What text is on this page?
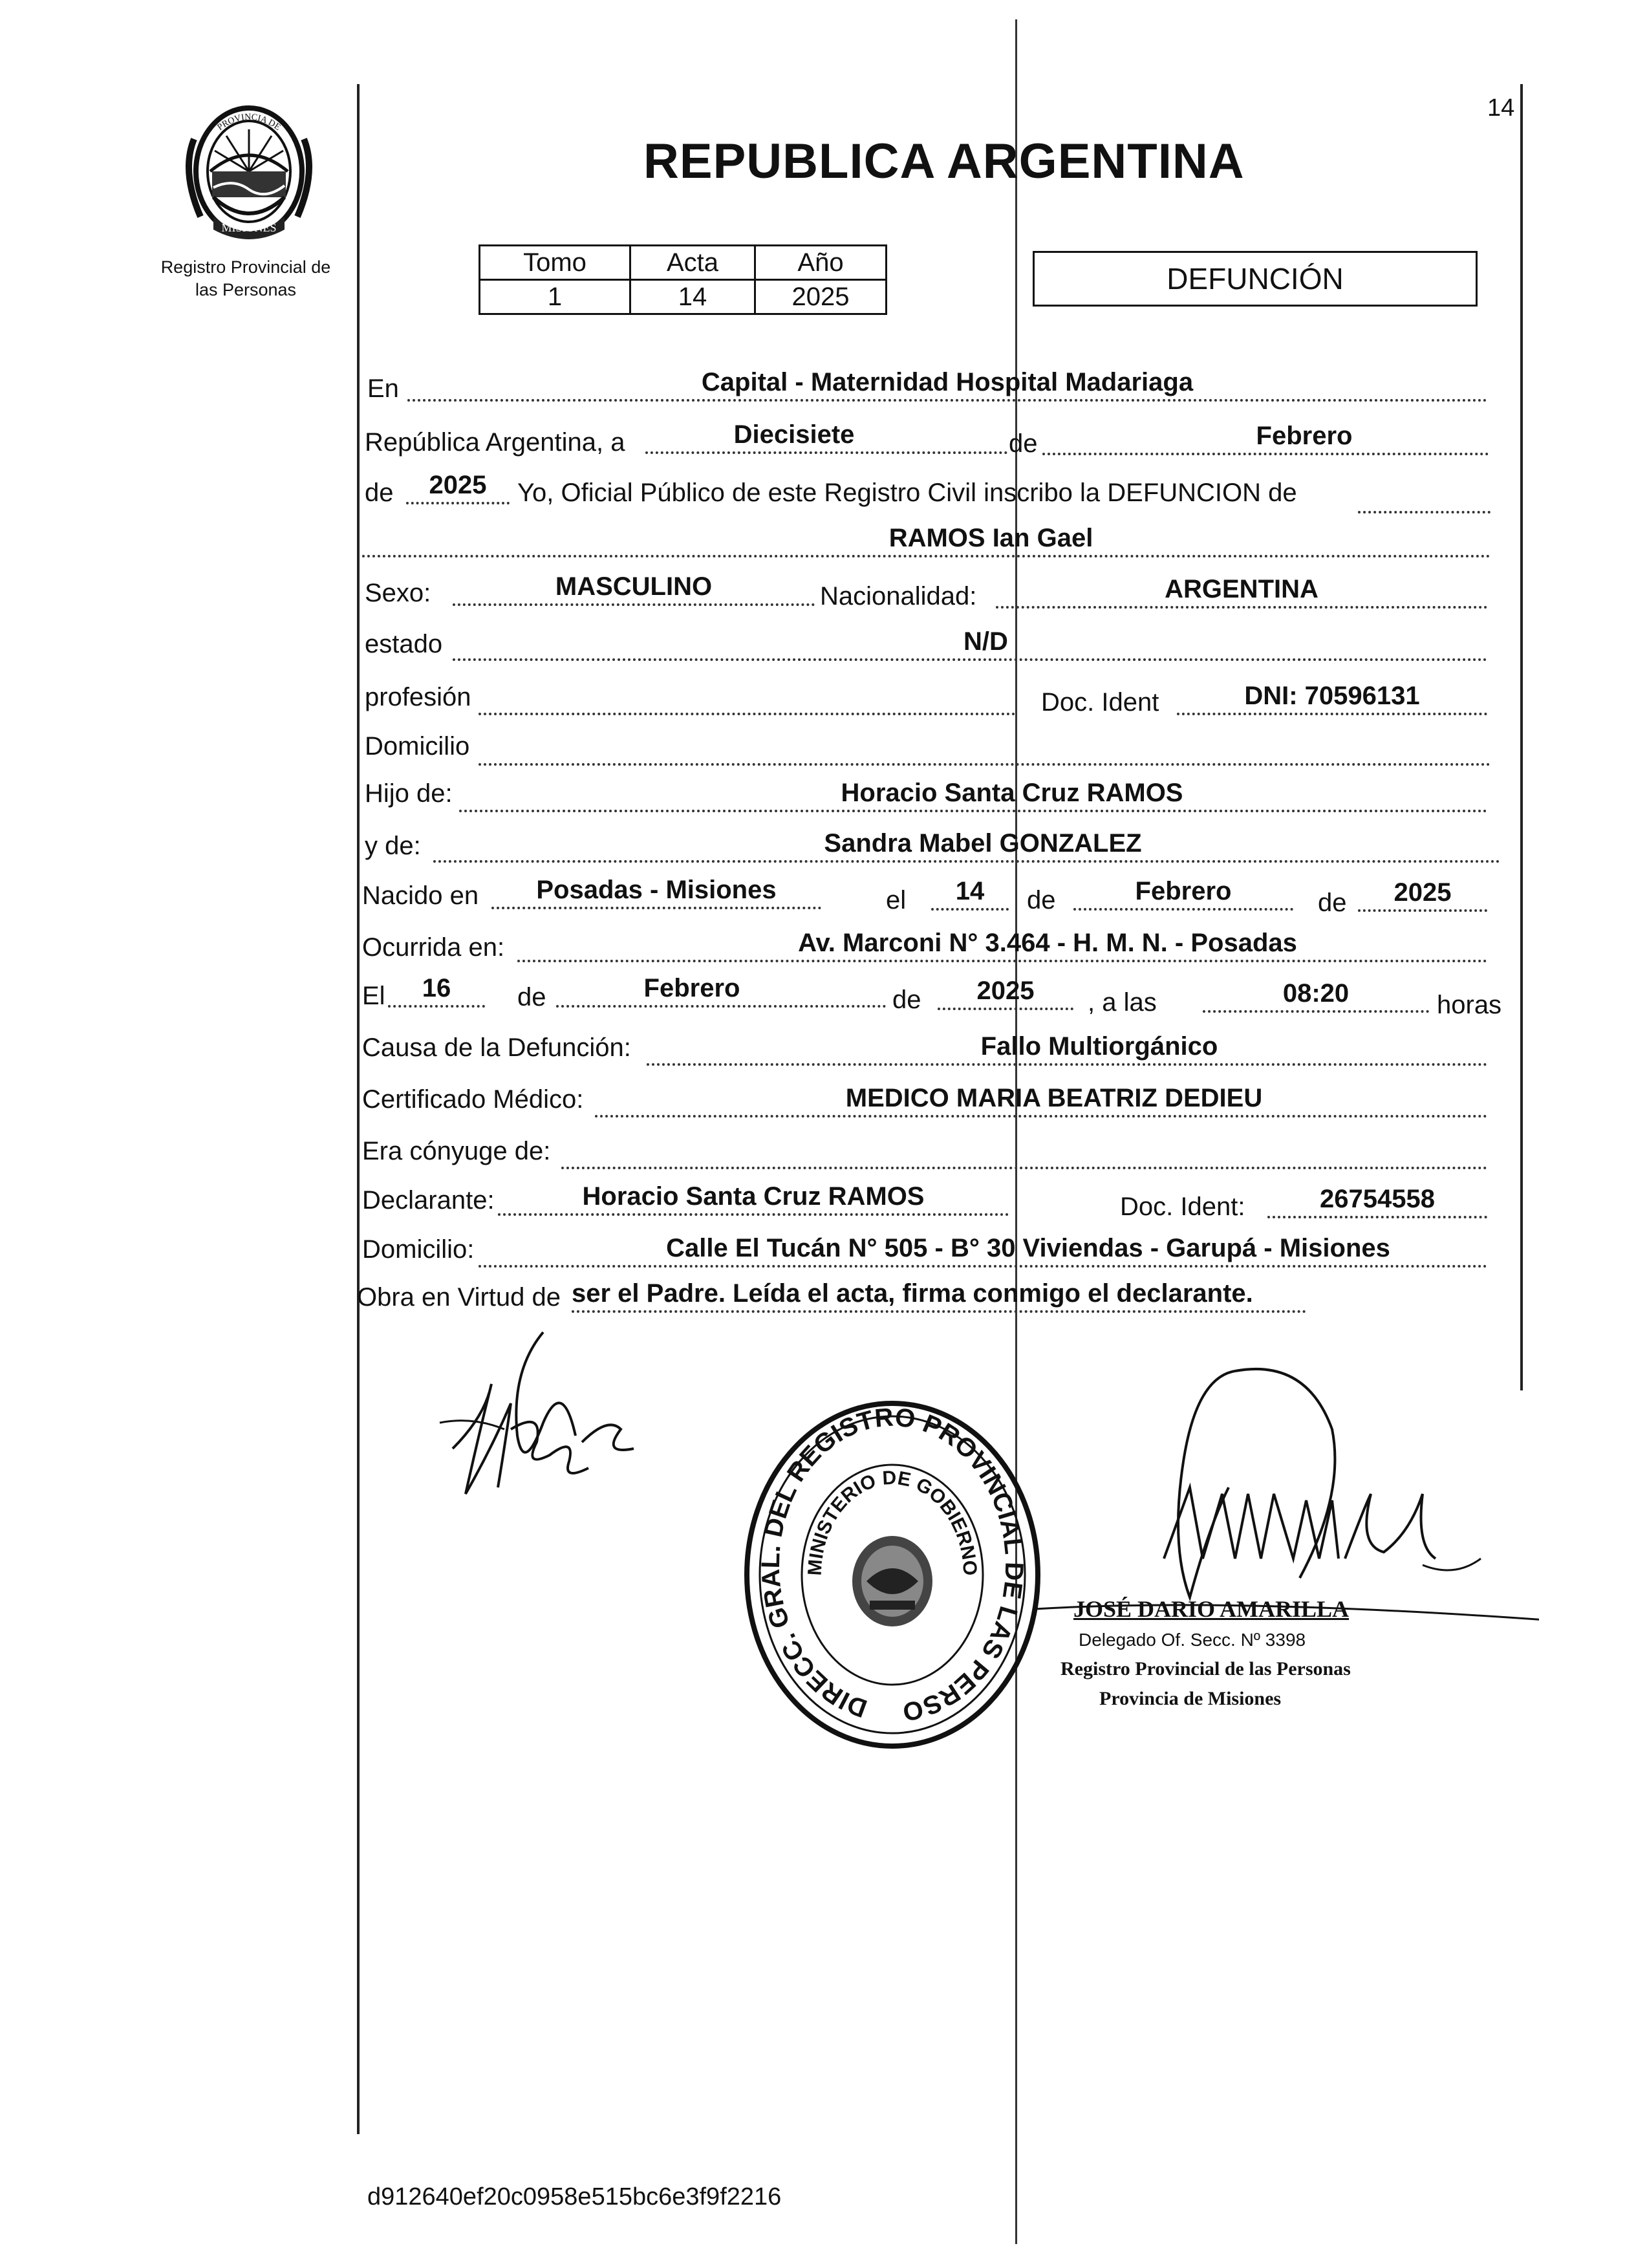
14
MISIONES
PROVINCIA DE
Registro Provincial de
las Personas
REPUBLICA ARGENTINA
Tomo	Acta	Año
1	14	2025
DEFUNCIÓN
En	Capital - Maternidad Hospital Madariaga
República Argentina, a	Diecisiete	de	Febrero
de	2025	Yo, Oficial Público de este Registro Civil inscribo la DEFUNCION de
RAMOS Ian Gael
Sexo:	MASCULINO	Nacionalidad:	ARGENTINA
estado	N/D
profesión	Doc. Ident	DNI: 70596131
Domicilio
Hijo de:	Horacio Santa Cruz RAMOS
y de:	Sandra Mabel GONZALEZ
Nacido en	Posadas - Misiones	el	14	de	Febrero	de	2025
Ocurrida en:	Av. Marconi N° 3.464 - H. M. N. - Posadas
El	16	de	Febrero	de	2025	, a las	08:20	horas
Causa de la Defunción:	Fallo Multiorgánico
Certificado Médico:	MEDICO MARIA BEATRIZ DEDIEU
Era cónyuge de:
Declarante:	Horacio Santa Cruz RAMOS	Doc. Ident:	26754558
Domicilio:	Calle El Tucán N° 505 - B° 30 Viviendas - Garupá - Misiones
Obra en Virtud de ser el Padre. Leída el acta, firma conmigo el declarante.
DIRECC. GRAL. DEL REGISTRO PROVINCIAL DE LAS PERSO
MINISTERIO DE GOBIERNO
JOSÉ DARIO AMARILLA
Delegado Of. Secc. Nº 3398
Registro Provincial de las Personas
Provincia de Misiones
d912640ef20c0958e515bc6e3f9f2216
